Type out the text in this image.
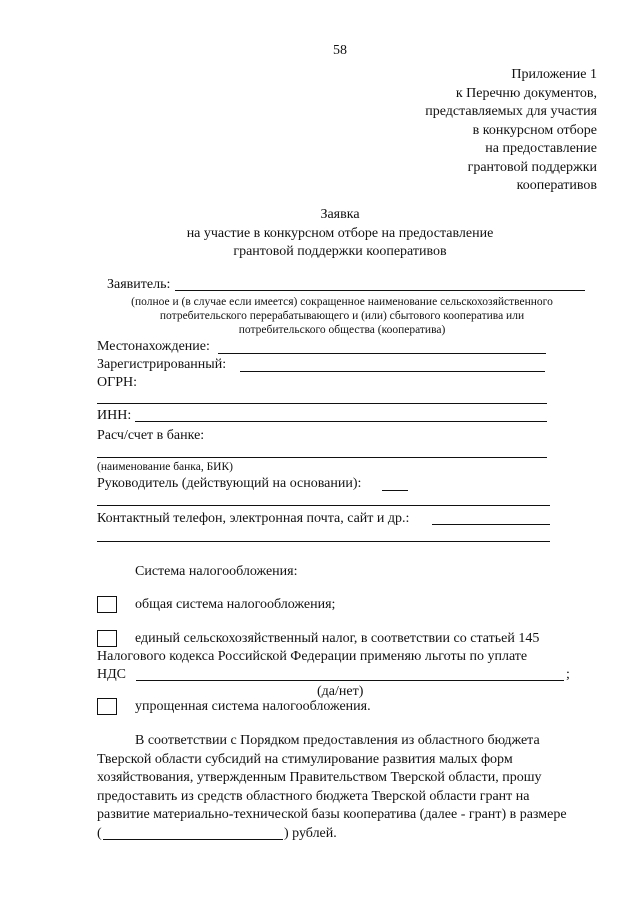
58
Приложение 1
к Перечню документов,
представляемых для участия
в конкурсном отборе
на предоставление
грантовой поддержки
кооперативов
Заявка
на участие в конкурсном отборе на предоставление
грантовой поддержки кооперативов
Заявитель:
(полное и (в случае если имеется) сокращенное наименование сельскохозяйственного
потребительского перерабатывающего и (или) сбытового кооператива или
потребительского общества (кооператива)
Местонахождение:
Зарегистрированный:
ОГРН:
ИНН:
Расч/счет в банке:
(наименование банка, БИК)
Руководитель (действующий на основании):
Контактный телефон, электронная почта, сайт и др.:
Система налогообложения:
общая система налогообложения;
единый сельскохозяйственный налог, в соответствии со статьей 145
Налогового кодекса Российской Федерации применяю льготы по уплате
НДС	;
(да/нет)
упрощенная система налогообложения.
В соответствии с Порядком предоставления из областного бюджета
Тверской области субсидий на стимулирование развития малых форм
хозяйствования, утвержденным Правительством Тверской области, прошу
предоставить из средств областного бюджета Тверской области грант на
развитие материально-технической базы кооператива (далее - грант) в размере
(	) рублей.
